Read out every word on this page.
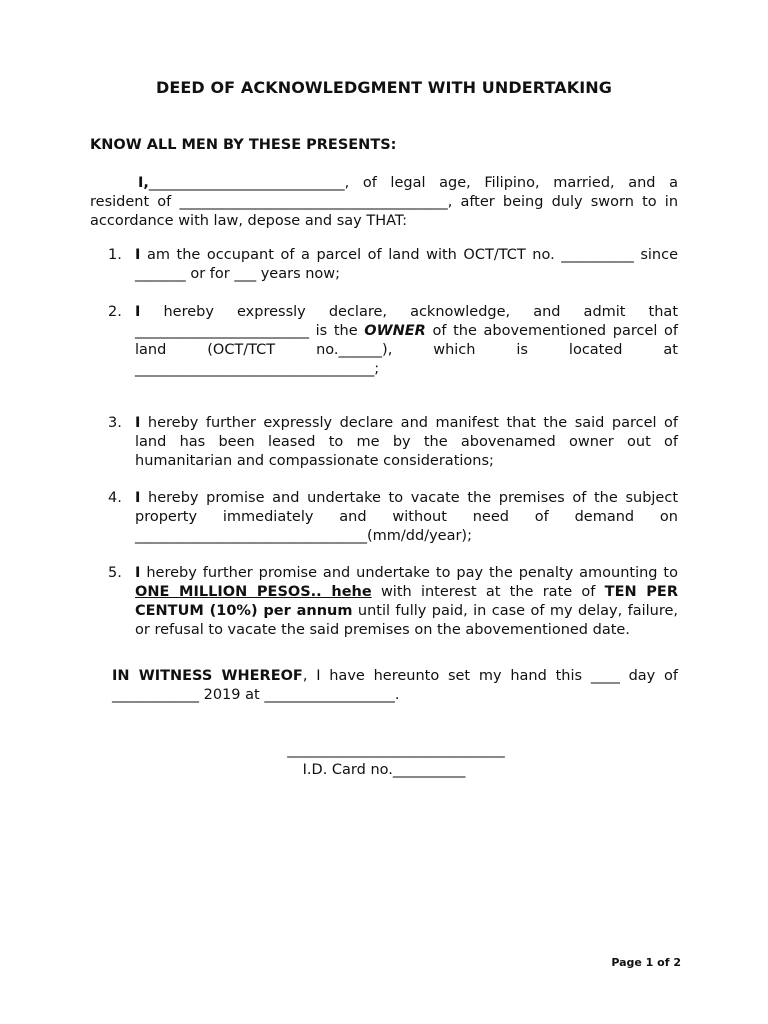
DEED OF ACKNOWLEDGMENT WITH UNDERTAKING

KNOW ALL MEN BY THESE PRESENTS:

I,___________________________, of legal age, Filipino, married, and a resident of _____________________________________, after being duly sworn to in accordance with law, depose and say THAT:

1. I am the occupant of a parcel of land with OCT/TCT no. __________ since _______ or for ___ years now;
2. I hereby expressly declare, acknowledge, and admit that ________________________ is the OWNER of the abovementioned parcel of land (OCT/TCT no.______), which is located at _________________________________;
3. I hereby further expressly declare and manifest that the said parcel of land has been leased to me by the abovenamed owner out of humanitarian and compassionate considerations;
4. I hereby promise and undertake to vacate the premises of the subject property immediately and without need of demand on ________________________________(mm/dd/year);
5. I hereby further promise and undertake to pay the penalty amounting to ONE MILLION PESOS.. hehe with interest at the rate of TEN PER CENTUM (10%) per annum until fully paid, in case of my delay, failure, or refusal to vacate the said premises on the abovementioned date.

IN WITNESS WHEREOF, I have hereunto set my hand this ____ day of ____________ 2019 at __________________.

______________________________
I.D. Card no.__________
Page 1 of 2
